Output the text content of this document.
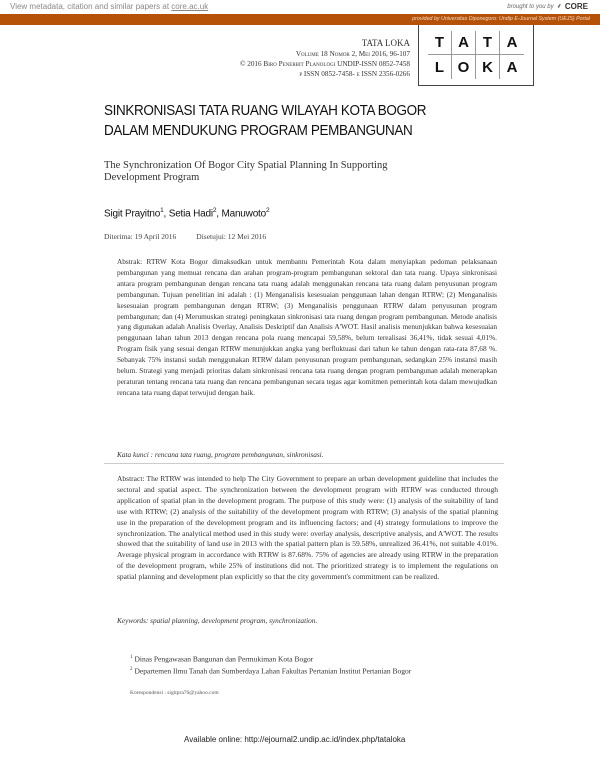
View metadata, citation and similar papers at core.ac.uk	brought to you by ⸙ CORE
provided by Universitas Diponegoro: Undip E-Journal System (UEJS) Portal
TATA LOKA
Volume 18 Nomor 2, Mei 2016, 96-107
© 2016 Biro Penerbit Planologi UNDIP-ISSN 0852-7458
p ISSN 0852-7458- e ISSN 2356-0266
T A T A
L O K A
SINKRONISASI TATA RUANG WILAYAH KOTA BOGOR
DALAM MENDUKUNG PROGRAM PEMBANGUNAN
The Synchronization Of Bogor City Spatial Planning In Supporting
Development Program
Sigit Prayitno$^1$, Setia Hadi$^2$, Manuwoto$^2$
Diterima: 19 April 2016	Disetujui: 12 Mei 2016
Abstrak: RTRW Kota Bogor dimaksudkan untuk membantu Pemerintah Kota dalam menyiapkan pedoman pelaksanaan pembangunan yang memuat rencana dan arahan program-program pembangunan sektoral dan tata ruang. Upaya sinkronisasi antara program pembangunan dengan rencana tata ruang adalah menggunakan rencana tata ruang dalam penyusunan program pembangunan. Tujuan penelitian ini adalah : (1) Menganalisis kesesuaian penggunaan lahan dengan RTRW; (2) Menganalisis kesesuaian program pembangunan dengan RTRW; (3) Menganalisis penggunaan RTRW dalam penyusunan program pembangunan; dan (4) Merumuskan strategi peningkatan sinkronisasi tata ruang dengan program pembangunan. Metode analisis yang digunakan adalah Analisis Overlay, Analisis Deskriptif dan Analisis A'WOT. Hasil analisis menunjukkan bahwa kesesuaian penggunaan lahan tahun 2013 dengan rencana pola ruang mencapai 59,58%, belum terealisasi 36,41%, tidak sesuai 4,01%. Program fisik yang sesuai dengan RTRW menunjukkan angka yang berfluktuasi dari tahun ke tahun dengan rata-rata 87,68 %. Sebanyak 75% instansi sudah menggunakan RTRW dalam penyusunan program pembangunan, sedangkan 25% instansi masih belum. Strategi yang menjadi prioritas dalam sinkronisasi rencana tata ruang dengan program pembangunan adalah menerapkan peraturan tentang rencana tata ruang dan rencana pembangunan secara tegas agar komitmen pemerintah kota dalam mewujudkan rencana tata ruang dapat terwujud dengan baik.
Kata kunci : rencana tata ruang, program pembangunan, sinkronisasi.
Abstract: The RTRW was intended to help The City Government to prepare an urban development guideline that includes the sectoral and spatial aspect. The synchronization between the development program with RTRW was conducted through application of spatial plan in the development program. The purpose of this study were: (1) analysis of the suitability of land use with RTRW; (2) analysis of the suitability of the development program with RTRW; (3) analysis of the spatial planning use in the preparation of the development program and its influencing factors; and (4) strategy formulations to improve the synchronization. The analytical method used in this study were: overlay analysis, descriptive analysis, and A'WOT. The results showed that the suitability of land use in 2013 with the spatial pattern plan is 59.58%, unrealized 36.41%, not suitable 4.01%. Average physical program in accordance with RTRW is 87.68%. 75% of agencies are already using RTRW in the preparation of the development program, while 25% of institutions did not. The prioritized strategy is to implement the regulations on spatial planning and development plan explicitly so that the city government's commitment can be realized.
Keywords: spatial planning, development program, synchronization.
$^1$ Dinas Pengawasan Bangunan dan Permukiman Kota Bogor
$^2$ Departemen Ilmu Tanah dan Sumberdaya Lahan Fakultas Pertanian Institut Pertanian Bogor
Korespondensi : sigitpra76@yahoo.com
Available online: http://ejournal2.undip.ac.id/index.php/tataloka
